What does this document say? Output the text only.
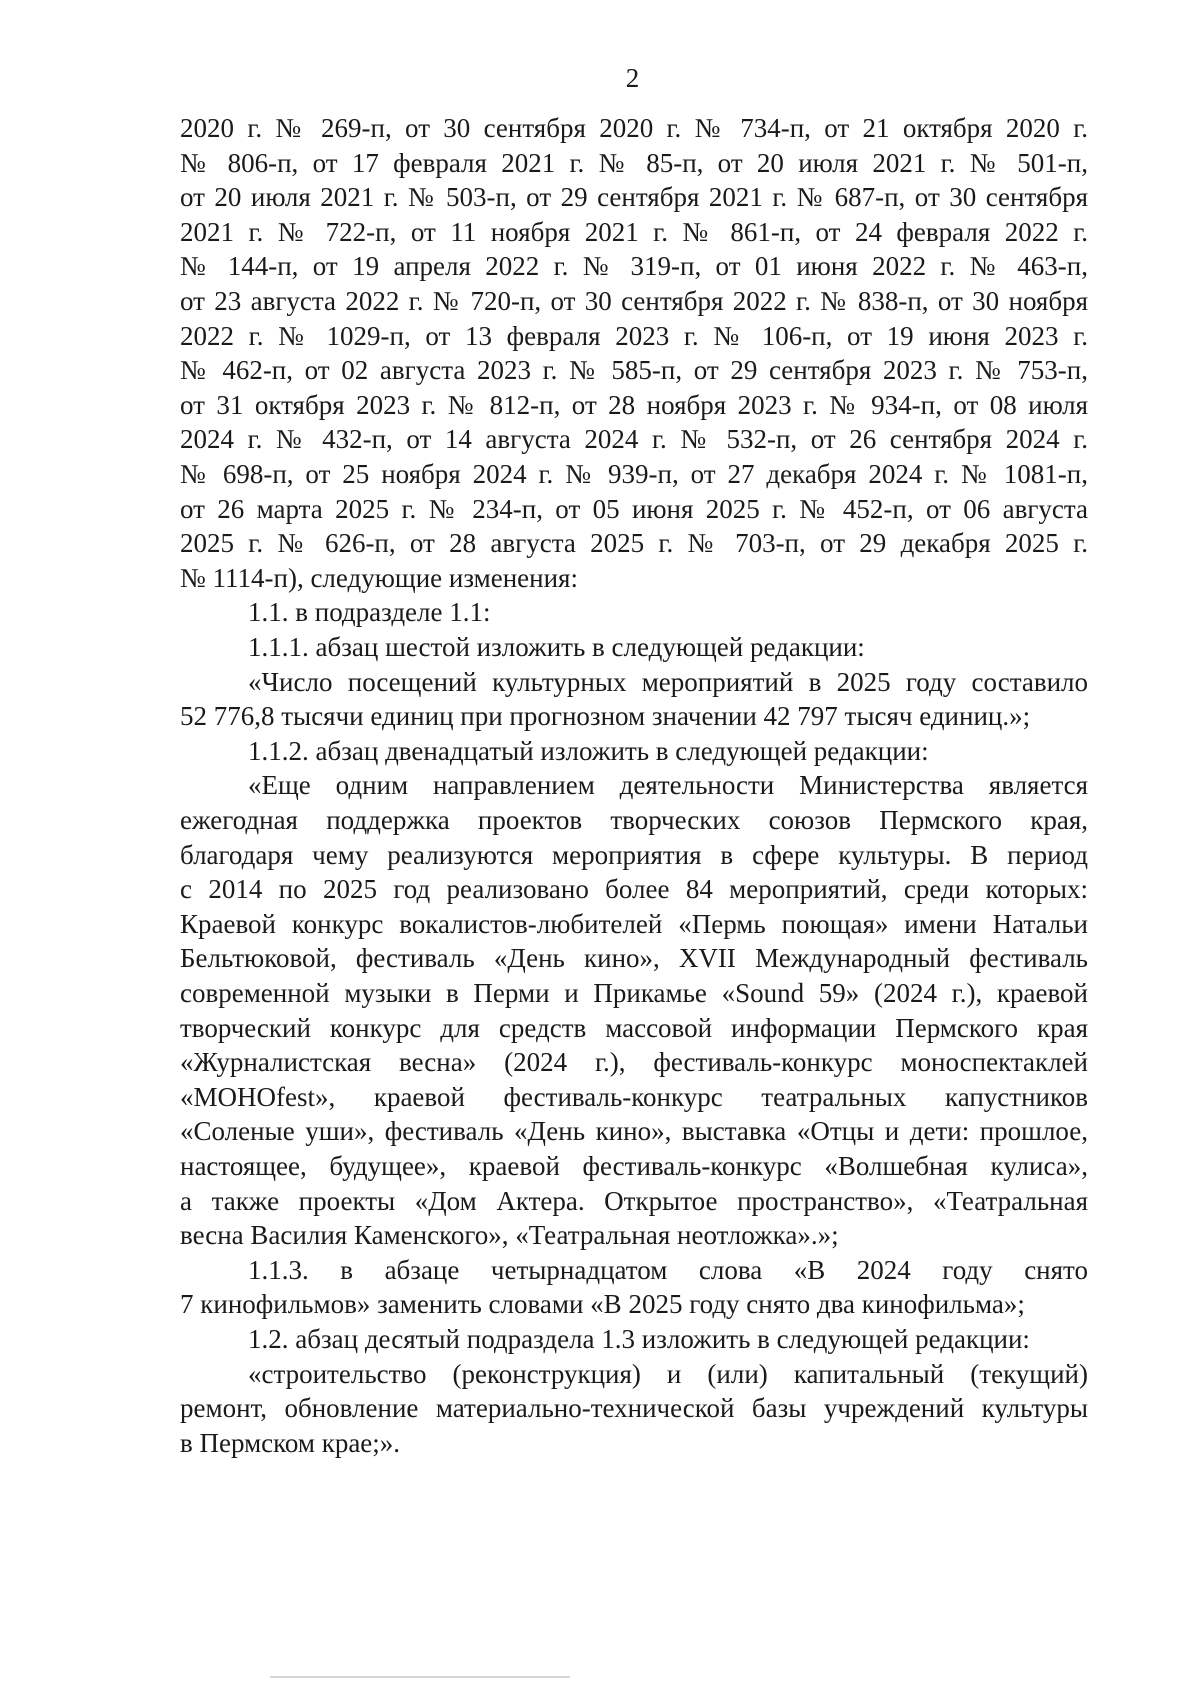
2
2020 г. № 269-п, от 30 сентября 2020 г. № 734-п, от 21 октября 2020 г.
№ 806-п, от 17 февраля 2021 г. № 85-п, от 20 июля 2021 г. № 501-п,
от 20 июля 2021 г. № 503-п, от 29 сентября 2021 г. № 687-п, от 30 сентября
2021 г. № 722-п, от 11 ноября 2021 г. № 861-п, от 24 февраля 2022 г.
№ 144-п, от 19 апреля 2022 г. № 319-п, от 01 июня 2022 г. № 463-п,
от 23 августа 2022 г. № 720-п, от 30 сентября 2022 г. № 838-п, от 30 ноября
2022 г. № 1029-п, от 13 февраля 2023 г. № 106-п, от 19 июня 2023 г.
№ 462-п, от 02 августа 2023 г. № 585-п, от 29 сентября 2023 г. № 753-п,
от 31 октября 2023 г. № 812-п, от 28 ноября 2023 г. № 934-п, от 08 июля
2024 г. № 432-п, от 14 августа 2024 г. № 532-п, от 26 сентября 2024 г.
№ 698-п, от 25 ноября 2024 г. № 939-п, от 27 декабря 2024 г. № 1081-п,
от 26 марта 2025 г. № 234-п, от 05 июня 2025 г. № 452-п, от 06 августа
2025 г. № 626-п, от 28 августа 2025 г. № 703-п, от 29 декабря 2025 г.
№ 1114-п), следующие изменения:
1.1. в подразделе 1.1:
1.1.1. абзац шестой изложить в следующей редакции:
«Число посещений культурных мероприятий в 2025 году составило
52 776,8 тысячи единиц при прогнозном значении 42 797 тысяч единиц.»;
1.1.2. абзац двенадцатый изложить в следующей редакции:
«Еще одним направлением деятельности Министерства является
ежегодная поддержка проектов творческих союзов Пермского края,
благодаря чему реализуются мероприятия в сфере культуры. В период
с 2014 по 2025 год реализовано более 84 мероприятий, среди которых:
Краевой конкурс вокалистов-любителей «Пермь поющая» имени Натальи
Бельтюковой, фестиваль «День кино», XVII Международный фестиваль
современной музыки в Перми и Прикамье «Sound 59» (2024 г.), краевой
творческий конкурс для средств массовой информации Пермского края
«Журналистская весна» (2024 г.), фестиваль-конкурс моноспектаклей
«МОНОfest», краевой фестиваль-конкурс театральных капустников
«Соленые уши», фестиваль «День кино», выставка «Отцы и дети: прошлое,
настоящее, будущее», краевой фестиваль-конкурс «Волшебная кулиса»,
а также проекты «Дом Актера. Открытое пространство», «Театральная
весна Василия Каменского», «Театральная неотложка».»;
1.1.3. в абзаце четырнадцатом слова «В 2024 году снято
7 кинофильмов» заменить словами «В 2025 году снято два кинофильма»;
1.2. абзац десятый подраздела 1.3 изложить в следующей редакции:
«строительство (реконструкция) и (или) капитальный (текущий)
ремонт, обновление материально-технической базы учреждений культуры
в Пермском крае;».
